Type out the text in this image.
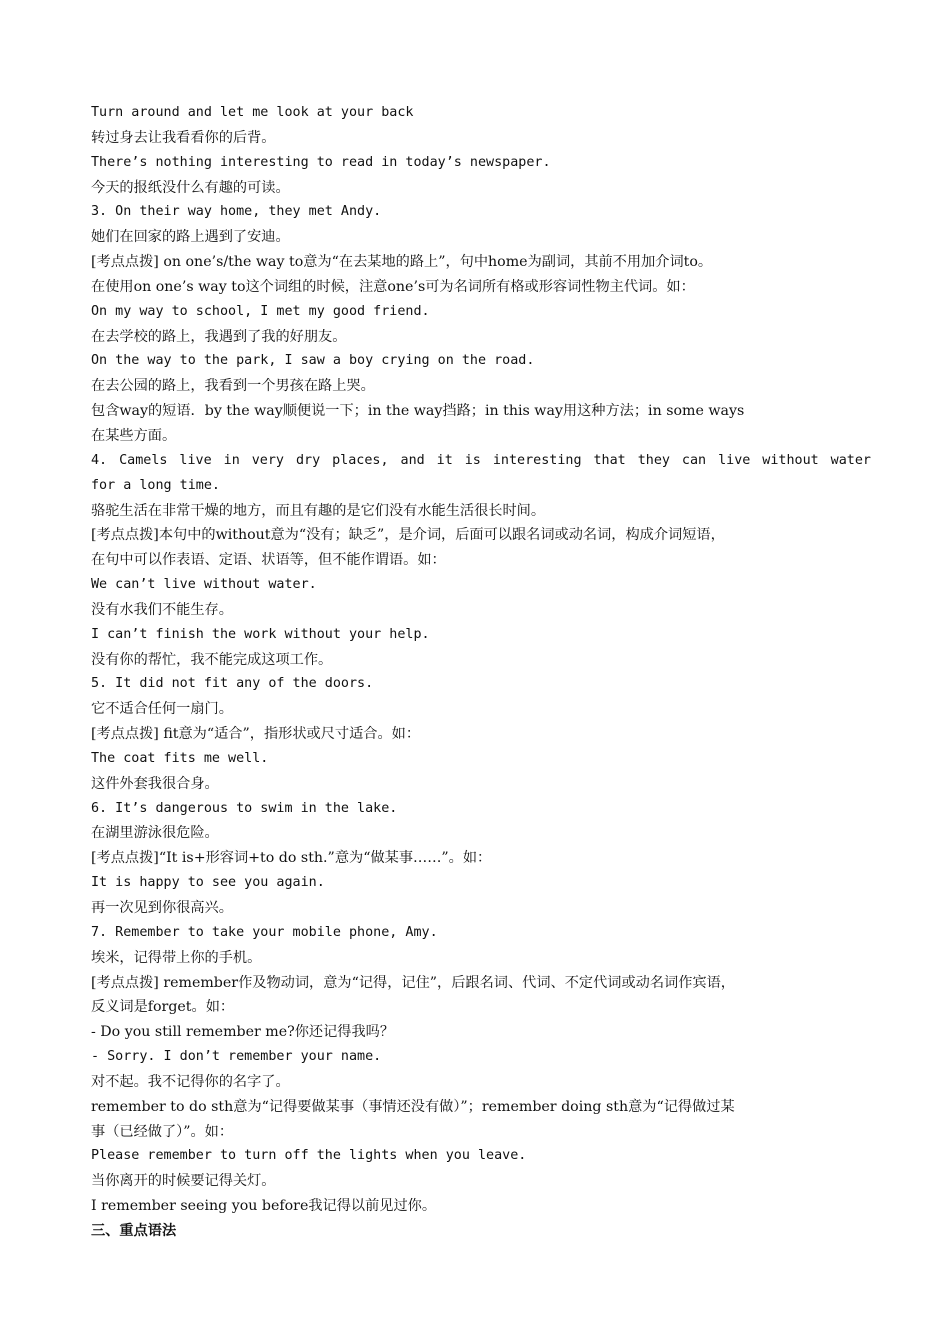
Turn around and let me look at your back
转过身去让我看看你的后背。
There’s nothing interesting to read in today’s newspaper.
今天的报纸没什么有趣的可读。
3. On their way home, they met Andy.
她们在回家的路上遇到了安迪。
[考点点拨] on one’s/the way to意为“在去某地的路上”，句中home为副词，其前不用加介词to。
在使用on one’s way to这个词组的时候，注意one’s可为名词所有格或形容词性物主代词。如：
On my way to school, I met my good friend.
在去学校的路上，我遇到了我的好朋友。
On the way to the park, I saw a boy crying on the road.
在去公园的路上，我看到一个男孩在路上哭。
包含way的短语．by the way顺便说一下；in the way挡路；in this way用这种方法；in some ways
在某些方面。
4. Camels live in very dry places, and it is interesting that they can live without water
for a long time.
骆驼生活在非常干燥的地方，而且有趣的是它们没有水能生活很长时间。
[考点点拨]本句中的without意为“没有；缺乏”，是介词，后面可以跟名词或动名词，构成介词短语，
在句中可以作表语、定语、状语等，但不能作谓语。如：
We can’t live without water.
没有水我们不能生存。
I can’t finish the work without your help.
没有你的帮忙，我不能完成这项工作。
5. It did not fit any of the doors.
它不适合任何一扇门。
[考点点拨] fit意为“适合”，指形状或尺寸适合。如：
The coat fits me well.
这件外套我很合身。
6. It’s dangerous to swim in the lake.
在湖里游泳很危险。
[考点点拨]“It is+形容词+to do sth.”意为“做某事……”。如：
It is happy to see you again.
再一次见到你很高兴。
7. Remember to take your mobile phone, Amy.
埃米，记得带上你的手机。
[考点点拨] remember作及物动词，意为“记得，记住”，后跟名词、代词、不定代词或动名词作宾语，
反义词是forget。如：
- Do you still remember me?你还记得我吗？
- Sorry. I don’t remember your name.
对不起。我不记得你的名字了。
remember to do sth意为“记得要做某事（事情还没有做）”；remember doing sth意为“记得做过某
事（已经做了）”。如：
Please remember to turn off the lights when you leave.
当你离开的时候要记得关灯。
I remember seeing you before我记得以前见过你。
三、重点语法
